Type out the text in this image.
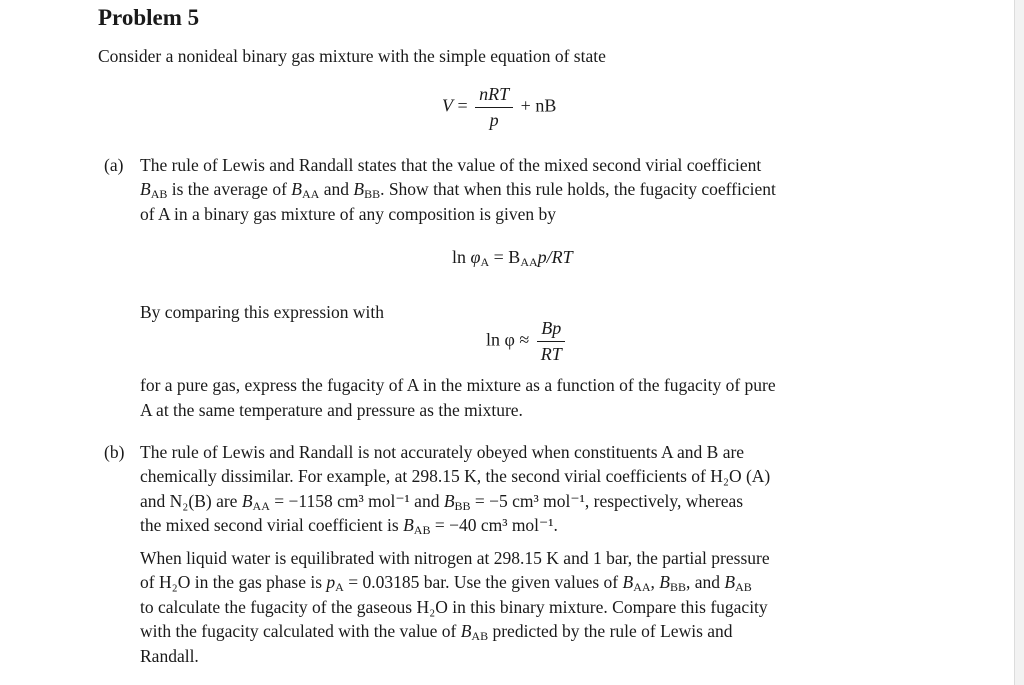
Problem 5
Consider a nonideal binary gas mixture with the simple equation of state
$V = \frac{\text{nRT}}{p}$ + nB
(a) The rule of Lewis and Randall states that the value of the mixed second virial coefficient
$B_{AB}$ is the average of $B_{AA}$ and $B_{BB}$. Show that when this rule holds, the fugacity coefficient
of A in a binary gas mixture of any composition is given by
$\ln \varphi_A = B_{AA}p/RT$
By comparing this expression with
$\ln \varphi \approx \frac{Bp}{RT}$
for a pure gas, express the fugacity of A in the mixture as a function of the fugacity of pure
A at the same temperature and pressure as the mixture.
(b) The rule of Lewis and Randall is not accurately obeyed when constituents A and B are
chemically dissimilar. For example, at 298.15 K, the second virial coefficients of H₂O (A)
and N₂(B) are $B_{AA} = -1158$ cm³ mol⁻¹ and $B_{BB} = -5$ cm³ mol⁻¹, respectively, whereas
the mixed second virial coefficient is $B_{AB} = -40$ cm³ mol⁻¹.
When liquid water is equilibrated with nitrogen at 298.15 K and 1 bar, the partial pressure
of H₂O in the gas phase is $p_A = 0.03185$ bar. Use the given values of $B_{AA}$, $B_{BB}$, and $B_{AB}$
to calculate the fugacity of the gaseous H₂O in this binary mixture. Compare this fugacity
with the fugacity calculated with the value of $B_{AB}$ predicted by the rule of Lewis and
Randall.
